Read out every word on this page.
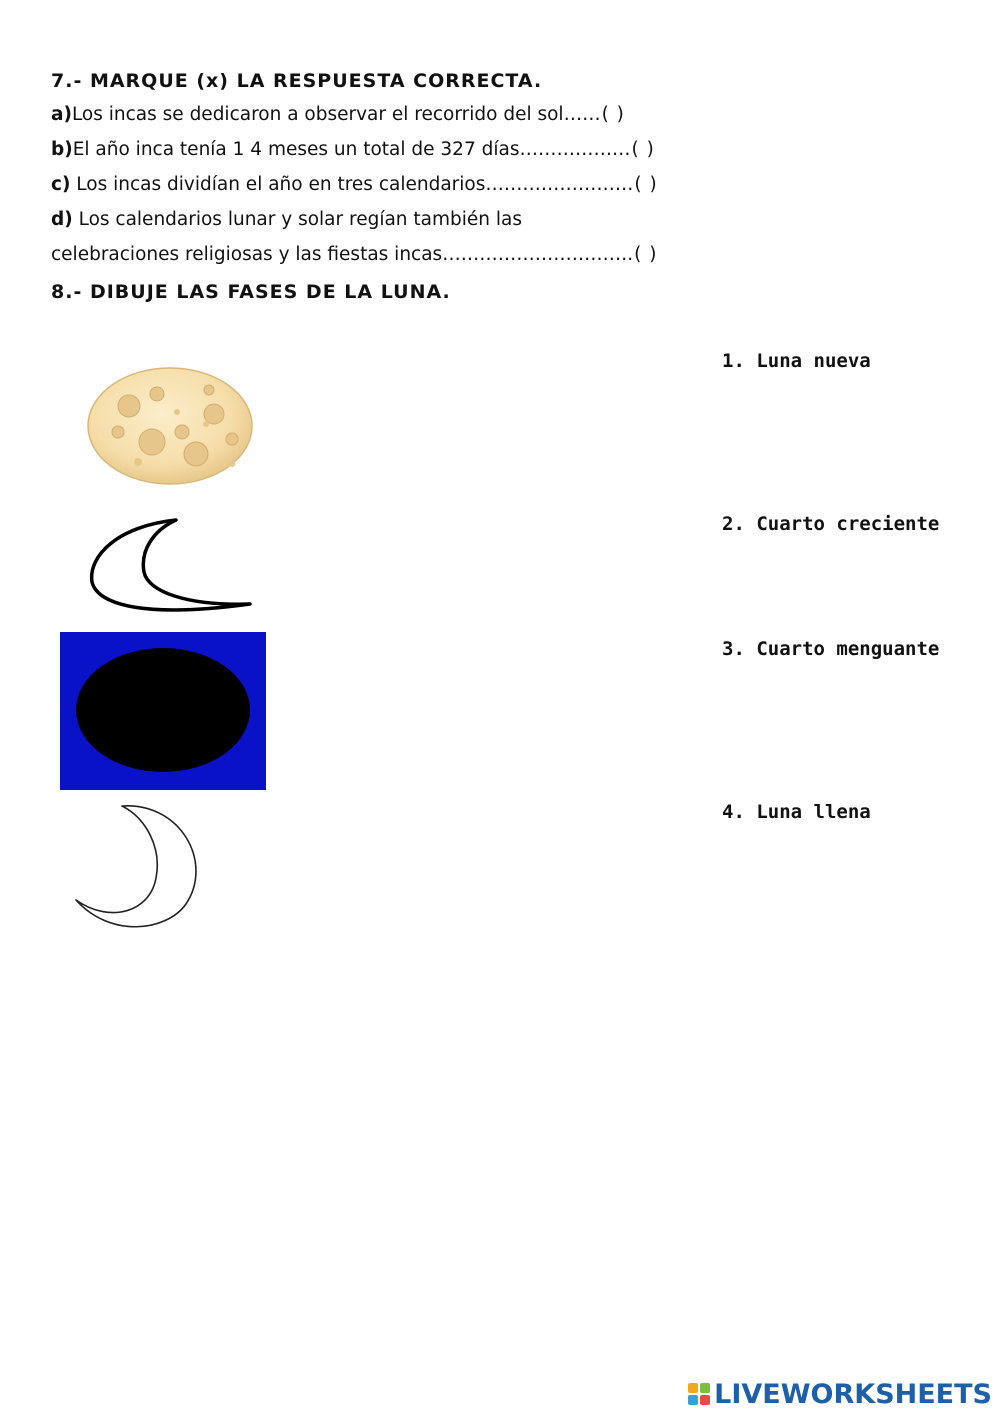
7.- MARQUE (x) LA RESPUESTA CORRECTA.
a)Los incas se dedicaron a observar el recorrido del sol……( )
b)El año inca tenía 1 4 meses un total de 327 días………………( )
c) Los incas dividían el año en tres calendarios……………………( )
d) Los calendarios lunar y solar regían también las
celebraciones religiosas y las fiestas incas………………………….( )
8.- DIBUJE LAS FASES DE LA LUNA.
1. Luna nueva
2. Cuarto creciente
3. Cuarto menguante
4. Luna llena
LIVEWORKSHEETS
